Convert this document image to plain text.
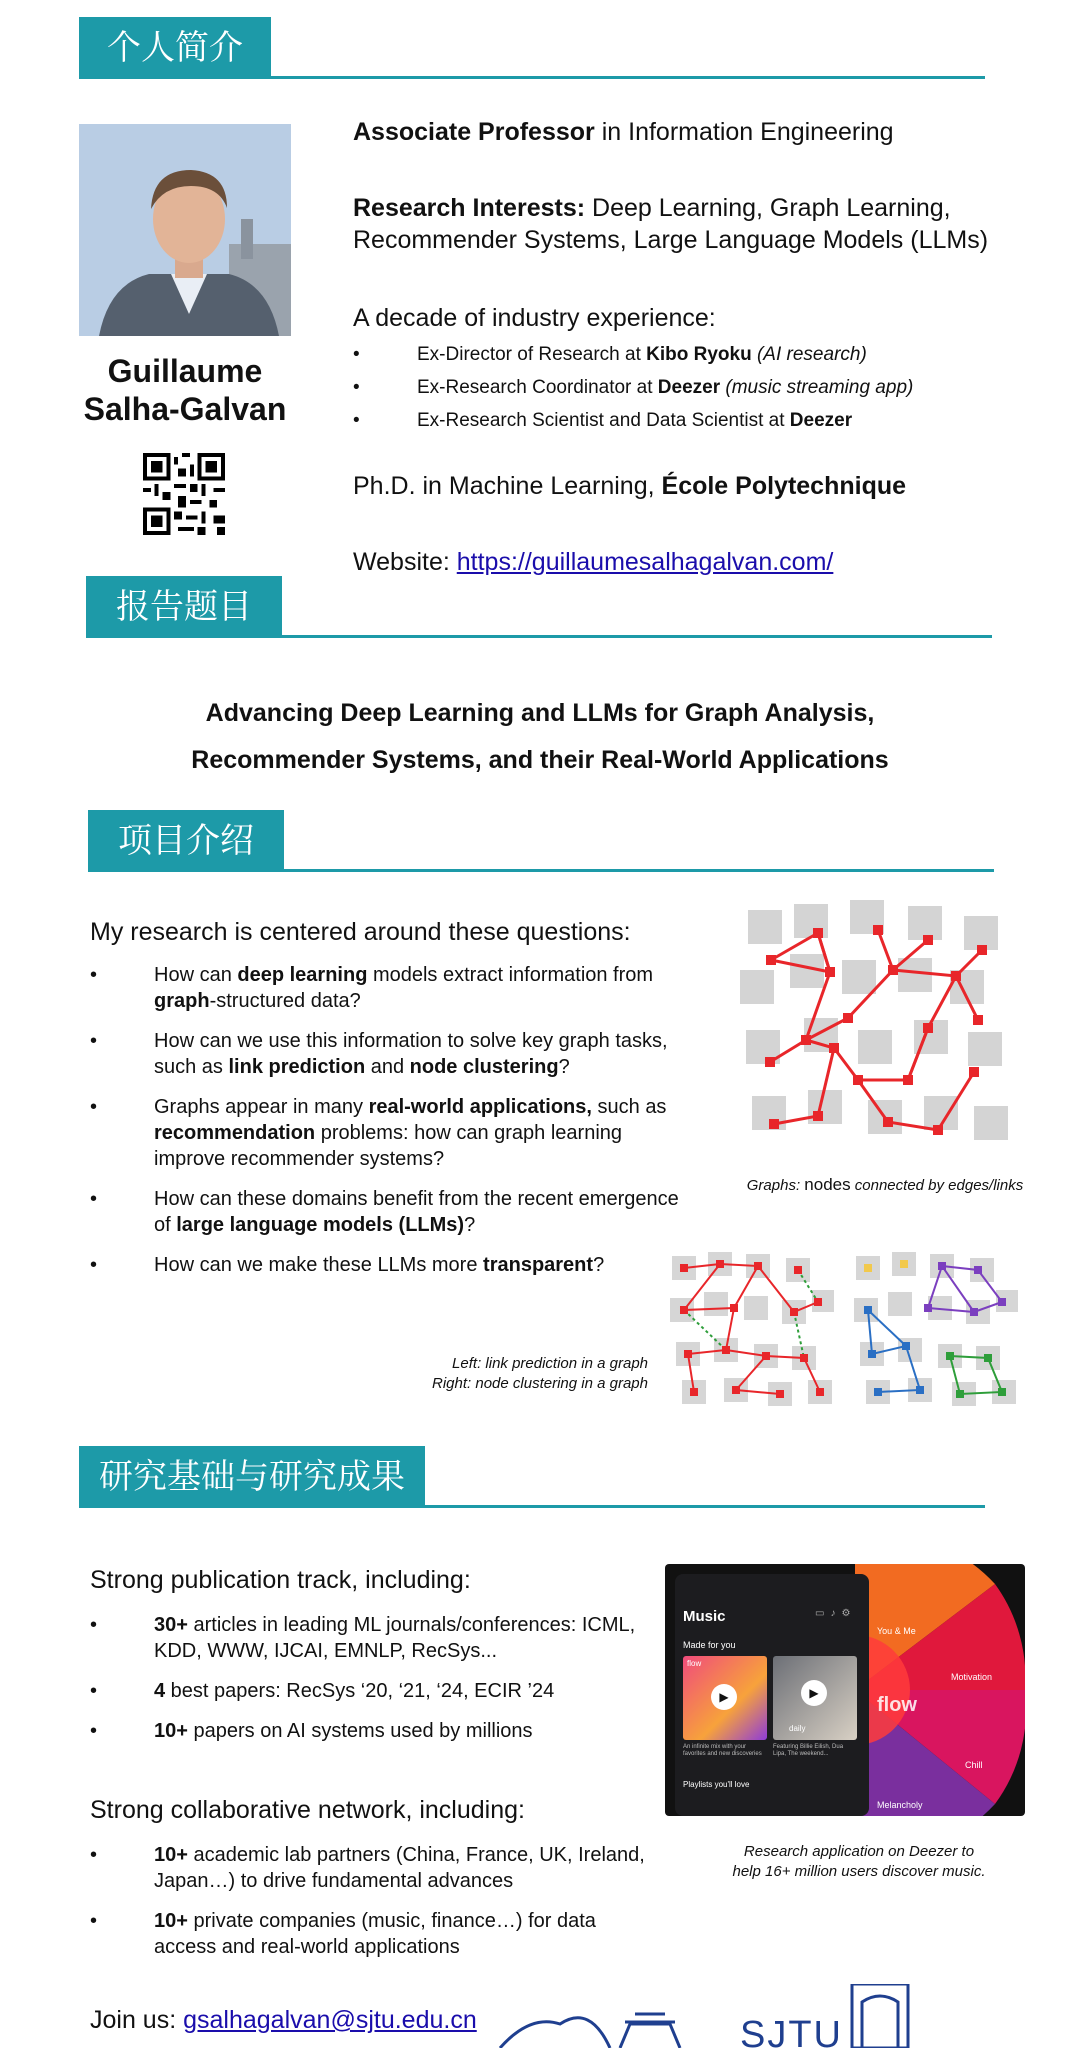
个人简介
Guillaume
Salha-Galvan
Associate Professor in Information Engineering
Research Interests: Deep Learning, Graph Learning, Recommender Systems, Large Language Models (LLMs)
A decade of industry experience:
• Ex-Director of Research at Kibo Ryoku (AI research)
• Ex-Research Coordinator at Deezer (music streaming app)
• Ex-Research Scientist and Data Scientist at Deezer
Ph.D. in Machine Learning, École Polytechnique
Website: https://guillaumesalhagalvan.com/
报告题目
Advancing Deep Learning and LLMs for Graph Analysis,
Recommender Systems, and their Real-World Applications
项目介绍
My research is centered around these questions:
• How can deep learning models extract information from graph-structured data?
• How can we use this information to solve key graph tasks, such as link prediction and node clustering?
• Graphs appear in many real-world applications, such as recommendation problems: how can graph learning improve recommender systems?
• How can these domains benefit from the recent emergence of large language models (LLMs)?
• How can we make these LLMs more transparent?
Graphs: nodes connected by edges/links
Left: link prediction in a graph
Right: node clustering in a graph
研究基础与研究成果
Strong publication track, including:
• 30+ articles in leading ML journals/conferences: ICML, KDD, WWW, IJCAI, EMNLP, RecSys...
• 4 best papers: RecSys ‘20, ‘21, ‘24, ECIR ’24
• 10+ papers on AI systems used by millions
Strong collaborative network, including:
• 10+ academic lab partners (China, France, UK, Ireland, Japan…) to drive fundamental advances
• 10+ private companies (music, finance…) for data access and real-world applications
flow
You & Me
Motivation
Chill
Melancholy
Music	▭♪⚙
Made for you
flow
▶	▶
daily
An infinite mix with your favorites and new discoveries
Featuring Billie Eilish, Dua Lipa, The weekend...
Playlists you'll love
Research application on Deezer to
help 16+ million users discover music.
Join us: gsalhagalvan@sjtu.edu.cn	SJTU
